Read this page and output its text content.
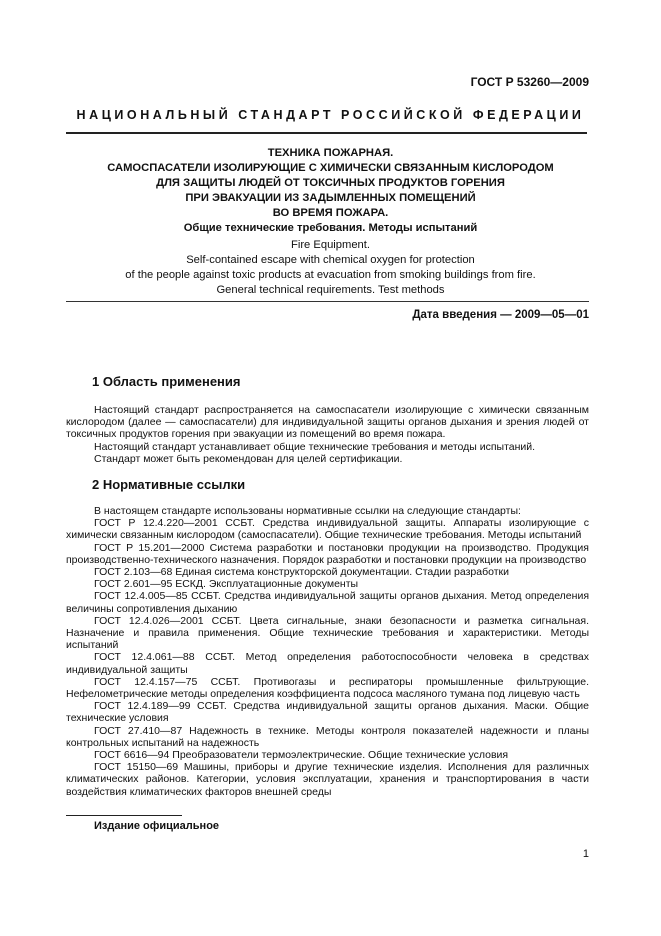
ГОСТ Р 53260—2009
НАЦИОНАЛЬНЫЙ СТАНДАРТ РОССИЙСКОЙ ФЕДЕРАЦИИ
ТЕХНИКА ПОЖАРНАЯ.
САМОСПАСАТЕЛИ ИЗОЛИРУЮЩИЕ С ХИМИЧЕСКИ СВЯЗАННЫМ КИСЛОРОДОМ
ДЛЯ ЗАЩИТЫ ЛЮДЕЙ ОТ ТОКСИЧНЫХ ПРОДУКТОВ ГОРЕНИЯ
ПРИ ЭВАКУАЦИИ ИЗ ЗАДЫМЛЕННЫХ ПОМЕЩЕНИЙ
ВО ВРЕМЯ ПОЖАРА.
Общие технические требования. Методы испытаний
Fire Equipment.
Self-contained escape with chemical oxygen for protection
of the people against toxic products at evacuation from smoking buildings from fire.
General technical requirements. Test methods
Дата введения — 2009—05—01
1 Область применения

Настоящий стандарт распространяется на самоспасатели изолирующие с химически связанным кислородом (далее — самоспасатели) для индивидуальной защиты органов дыхания и зрения людей от токсичных продуктов горения при эвакуации из помещений во время пожара.

Настоящий стандарт устанавливает общие технические требования и методы испытаний.

Стандарт может быть рекомендован для целей сертификации.

2 Нормативные ссылки

В настоящем стандарте использованы нормативные ссылки на следующие стандарты:

ГОСТ Р 12.4.220—2001 ССБТ. Средства индивидуальной защиты. Аппараты изолирующие с химически связанным кислородом (самоспасатели). Общие технические требования. Методы испытаний

ГОСТ Р 15.201—2000 Система разработки и постановки продукции на производство. Продукция производственно-технического назначения. Порядок разработки и постановки продукции на производство

ГОСТ 2.103—68 Единая система конструкторской документации. Стадии разработки

ГОСТ 2.601—95 ЕСКД. Эксплуатационные документы

ГОСТ 12.4.005—85 ССБТ. Средства индивидуальной защиты органов дыхания. Метод определения величины сопротивления дыханию

ГОСТ 12.4.026—2001 ССБТ. Цвета сигнальные, знаки безопасности и разметка сигнальная. Назначение и правила применения. Общие технические требования и характеристики. Методы испытаний

ГОСТ 12.4.061—88 ССБТ. Метод определения работоспособности человека в средствах индивидуальной защиты

ГОСТ 12.4.157—75 ССБТ. Противогазы и респираторы промышленные фильтрующие. Нефелометрические методы определения коэффициента подсоса масляного тумана под лицевую часть

ГОСТ 12.4.189—99 ССБТ. Средства индивидуальной защиты органов дыхания. Маски. Общие технические условия

ГОСТ 27.410—87 Надежность в технике. Методы контроля показателей надежности и планы контрольных испытаний на надежность

ГОСТ 6616—94 Преобразователи термоэлектрические. Общие технические условия

ГОСТ 15150—69 Машины, приборы и другие технические изделия. Исполнения для различных климатических районов. Категории, условия эксплуатации, хранения и транспортирования в части воздействия климатических факторов внешней среды

Издание официальное
1
